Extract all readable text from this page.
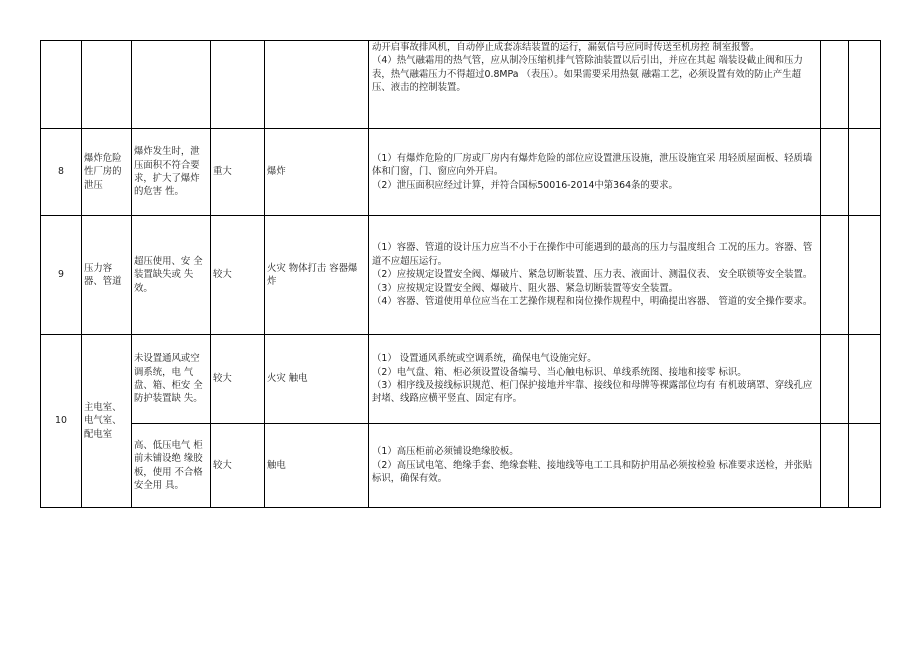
					动开启事故排风机，自动停止成套冻结装置的运行，漏氨信号应同时传送至机房控 制室报警。
（4）热气融霜用的热气管，应从制冷压缩机排气管除油装置以后引出，并应在其起 端装设截止阀和压力表，热气融霜压力不得超过0.8MPa （表压）。如果需要采用热氨 融霜工艺，必须设置有效的防止产生超压、液击的控制装置。		

8	爆炸危险性厂房的泄压	爆炸发生时，泄压面积不符合要求，扩大了爆炸的危害 性。	重大	爆炸	（1）有爆炸危险的厂房或厂房内有爆炸危险的部位应设置泄压设施，泄压设施宜采 用轻质屋面板、轻质墙体和门窗，门、窗应向外开启。
（2）泄压面积应经过计算，并符合国标50016-2014中第364条的要求。		

9	压力容器、管道	超压使用、安 全装置缺失或 失效。	较大	火灾 物体打击 容器爆炸	（1）容器、管道的设计压力应当不小于在操作中可能遇到的最高的压力与温度组合 工况的压力。容器、管道不应超压运行。
（2）应按规定设置安全阀、爆破片、紧急切断装置、压力表、液面计、测温仪表、 安全联锁等安全装置。
（3）应按规定设置安全阀、爆破片、阻火器、紧急切断装置等安全装置。
（4）容器、管道使用单位应当在工艺操作规程和岗位操作规程中，明确提出容器、 管道的安全操作要求。		

10	主电室、电气室、配电室	未设置通风或空调系统，电 气盘、箱、柜安 全防护装置缺 失。	较大	火灾 触电	（1） 设置通风系统或空调系统，确保电气设施完好。
（2）电气盘、箱、柜必须设置设备编号、当心触电标识、单线系统图、接地和接零 标识。
（3）相序线及接线标识规范、柜门保护接地并牢靠、接线位和母牌等裸露部位均有 有机玻璃罩、穿线孔应封堵、线路应横平竖直、固定有序。		

		高、低压电气 柜前未铺设绝 缘胶板，使用 不合格安全用 具。	较大	触电	（1）高压柜前必须铺设绝缘胶板。
（2）高压试电笔、绝缘手套、绝缘套鞋、接地线等电工工具和防护用品必须按检验 标准要求送检，并张贴标识，确保有效。		
